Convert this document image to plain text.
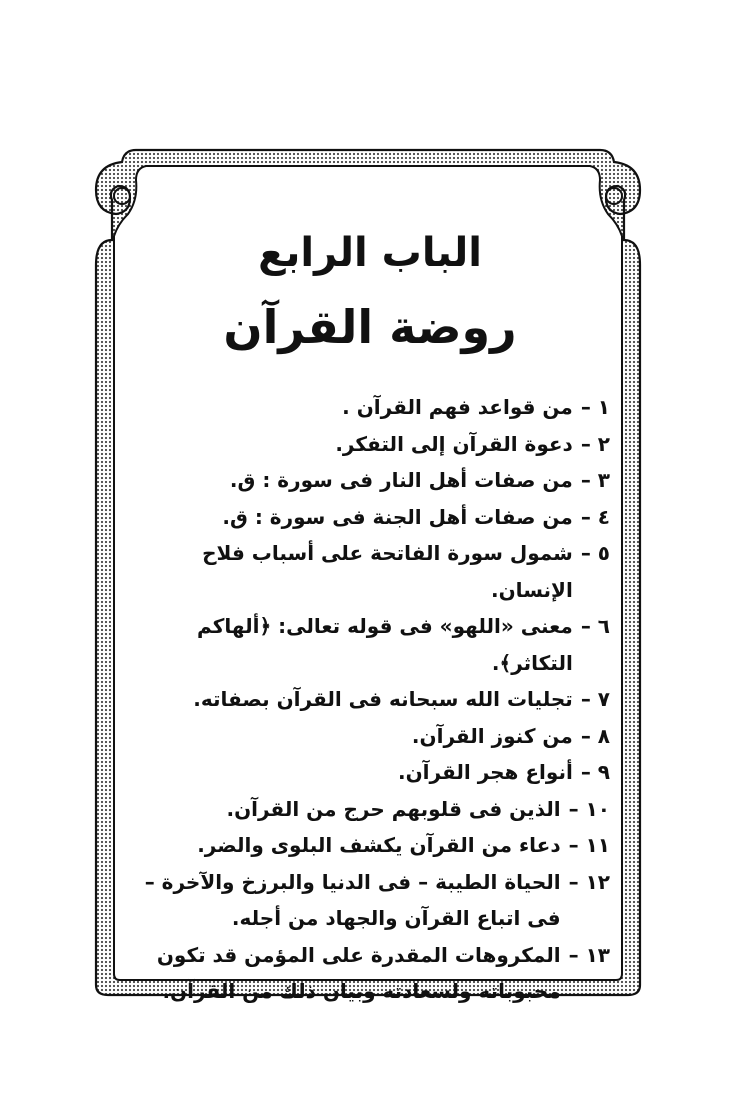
الباب الرابع
روضة القرآن
١ –
من قواعد فهم القرآن .
٢ –
دعوة القرآن إلى التفكر.
٣ –
من صفات أهل النار فى سورة : ق.
٤ –
من صفات أهل الجنة فى سورة : ق.
٥ –
شمول سورة الفاتحة على أسباب فلاح الإنسان.
٦ –
معنى «اللهو» فى قوله تعالى: ﴿ألهاكم التكاثر﴾.
٧ –
تجليات الله سبحانه فى القرآن بصفاته.
٨ –
من كنوز القرآن.
٩ –
أنواع هجر القرآن.
١٠ –
الذين فى قلوبهم حرج من القرآن.
١١ –
دعاء من القرآن يكشف البلوى والضر.
١٢ –
الحياة الطيبة – فى الدنيا والبرزخ والآخرة – فى اتباع القرآن والجهاد من أجله.
١٣ –
المكروهات المقدرة على المؤمن قد تكون محبوباته ولسعادته وبيان ذلك من القرآن.
